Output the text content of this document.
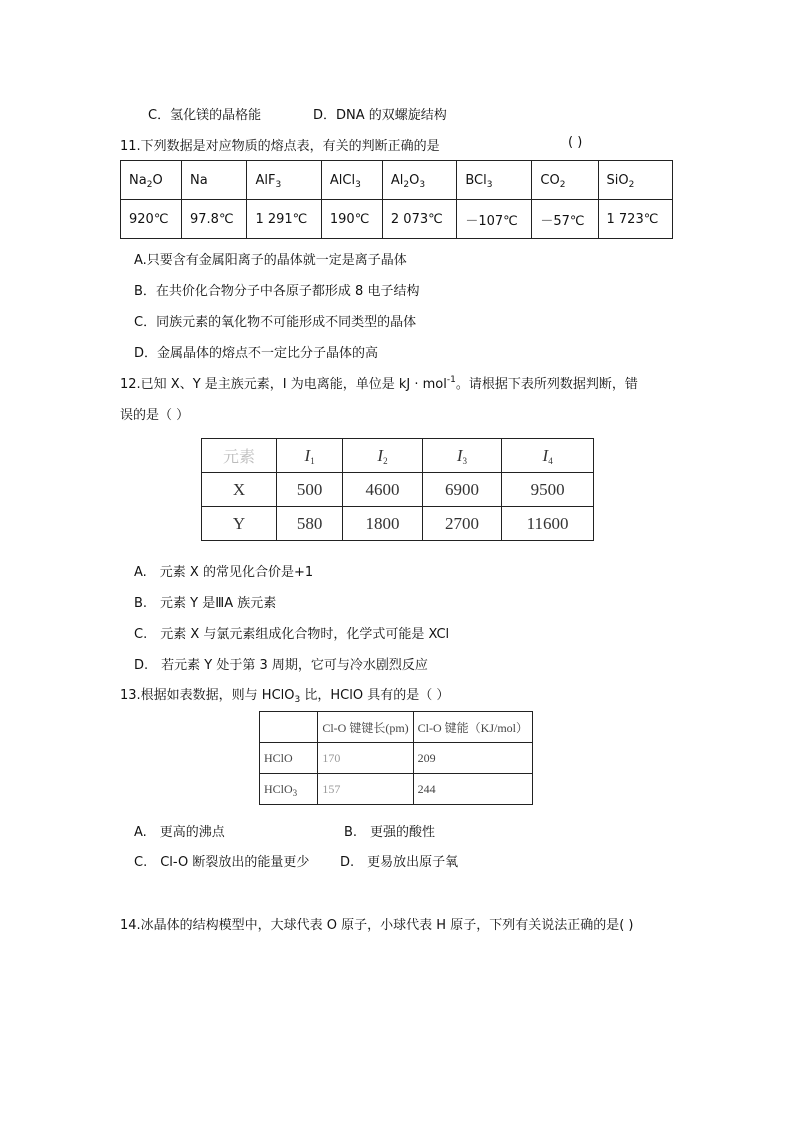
C．氢化镁的晶格能	D．DNA 的双螺旋结构
11.下列数据是对应物质的熔点表，有关的判断正确的是	( )
$Na_2O$	Na	AlF$_3$	AlCl$_3$	$Al_2O_3$	BCl$_3$	$CO_2$	SiO$_2$
920℃	97.8℃	1 291℃	190℃	2 073℃	－107℃	－57℃	1 723℃
A.只要含有金属阳离子的晶体就一定是离子晶体
B．在共价化合物分子中各原子都形成 8 电子结构
C．同族元素的氧化物不可能形成不同类型的晶体
D．金属晶体的熔点不一定比分子晶体的高
12.已知 X、Y 是主族元素，I 为电离能，单位是 kJ · mol$^{-1}$。请根据下表所列数据判断，错
误的是（ ）
元素	$I_1$	$I_2$	$I_3$	$I_4$
X	500	4600	6900	9500
Y	580	1800	2700	11600
A.　元素 X 的常见化合价是+1
B.　元素 Y 是ⅢA 族元素
C.　元素 X 与氯元素组成化合物时，化学式可能是 XCl
D.　若元素 Y 处于第 3 周期，它可与冷水剧烈反应
13.根据如表数据，则与 HClO$_3$ 比，HClO 具有的是（ ）
	Cl-O 键键长(pm)	Cl-O 键能（KJ/mol）
HClO	170	209
HClO$_3$	157	244
A.　更高的沸点	B.　更强的酸性
C.　Cl-O 断裂放出的能量更少 D.　更易放出原子氧
14.冰晶体的结构模型中，大球代表 O 原子，小球代表 H 原子，下列有关说法正确的是( )
